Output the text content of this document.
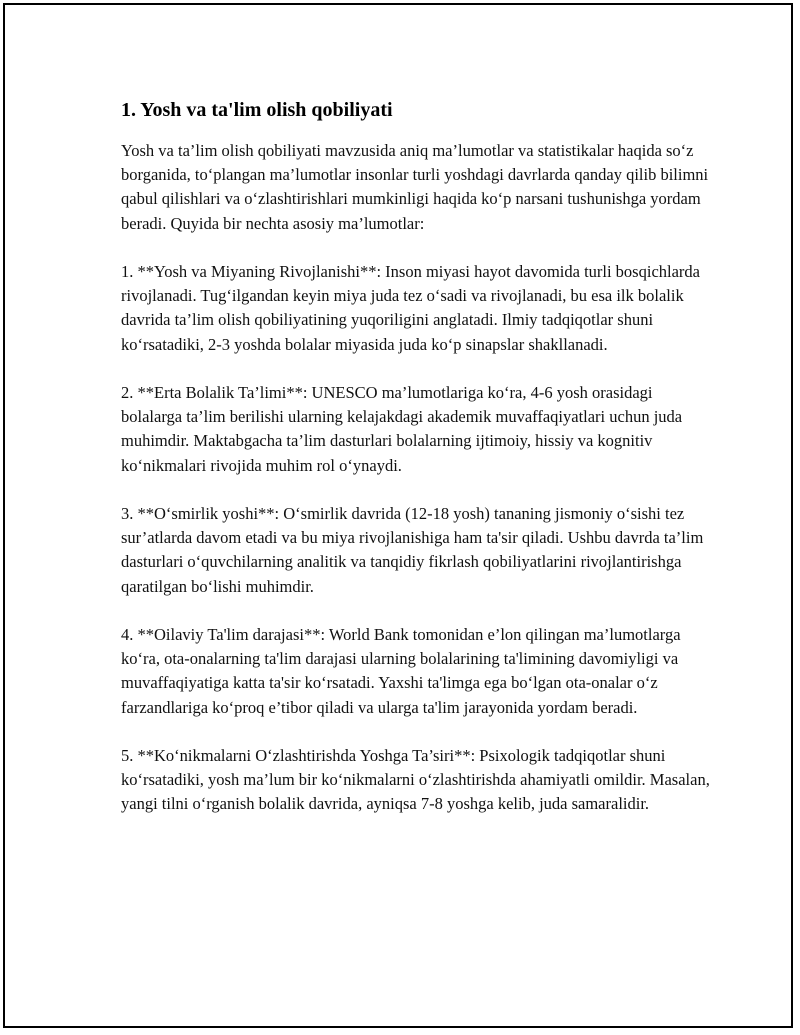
1. Yosh va ta'lim olish qobiliyati

Yosh va ta’lim olish qobiliyati mavzusida aniq ma’lumotlar va statistikalar haqida so‘z borganida, to‘plangan ma’lumotlar insonlar turli yoshdagi davrlarda qanday qilib bilimni qabul qilishlari va o‘zlashtirishlari mumkinligi haqida ko‘p narsani tushunishga yordam beradi. Quyida bir nechta asosiy ma’lumotlar:

1. **Yosh va Miyaning Rivojlanishi**: Inson miyasi hayot davomida turli bosqichlarda rivojlanadi. Tug‘ilgandan keyin miya juda tez o‘sadi va rivojlanadi, bu esa ilk bolalik davrida ta’lim olish qobiliyatining yuqoriligini anglatadi. Ilmiy tadqiqotlar shuni ko‘rsatadiki, 2-3 yoshda bolalar miyasida juda ko‘p sinapslar shakllanadi.

2. **Erta Bolalik Ta’limi**: UNESCO ma’lumotlariga ko‘ra, 4-6 yosh orasidagi bolalarga ta’lim berilishi ularning kelajakdagi akademik muvaffaqiyatlari uchun juda muhimdir. Maktabgacha ta’lim dasturlari bolalarning ijtimoiy, hissiy va kognitiv ko‘nikmalari rivojida muhim rol o‘ynaydi.

3. **O‘smirlik yoshi**: O‘smirlik davrida (12-18 yosh) tananing jismoniy o‘sishi tez sur’atlarda davom etadi va bu miya rivojlanishiga ham ta'sir qiladi. Ushbu davrda ta’lim dasturlari o‘quvchilarning analitik va tanqidiy fikrlash qobiliyatlarini rivojlantirishga qaratilgan bo‘lishi muhimdir.

4. **Oilaviy Ta'lim darajasi**: World Bank tomonidan e’lon qilingan ma’lumotlarga ko‘ra, ota-onalarning ta'lim darajasi ularning bolalarining ta'limining davomiyligi va muvaffaqiyatiga katta ta'sir ko‘rsatadi. Yaxshi ta'limga ega bo‘lgan ota-onalar o‘z farzandlariga ko‘proq e’tibor qiladi va ularga ta'lim jarayonida yordam beradi.

5. **Ko‘nikmalarni O‘zlashtirishda Yoshga Ta’siri**: Psixologik tadqiqotlar shuni ko‘rsatadiki, yosh ma’lum bir ko‘nikmalarni o‘zlashtirishda ahamiyatli omildir. Masalan, yangi tilni o‘rganish bolalik davrida, ayniqsa 7-8 yoshga kelib, juda samaralidir.
